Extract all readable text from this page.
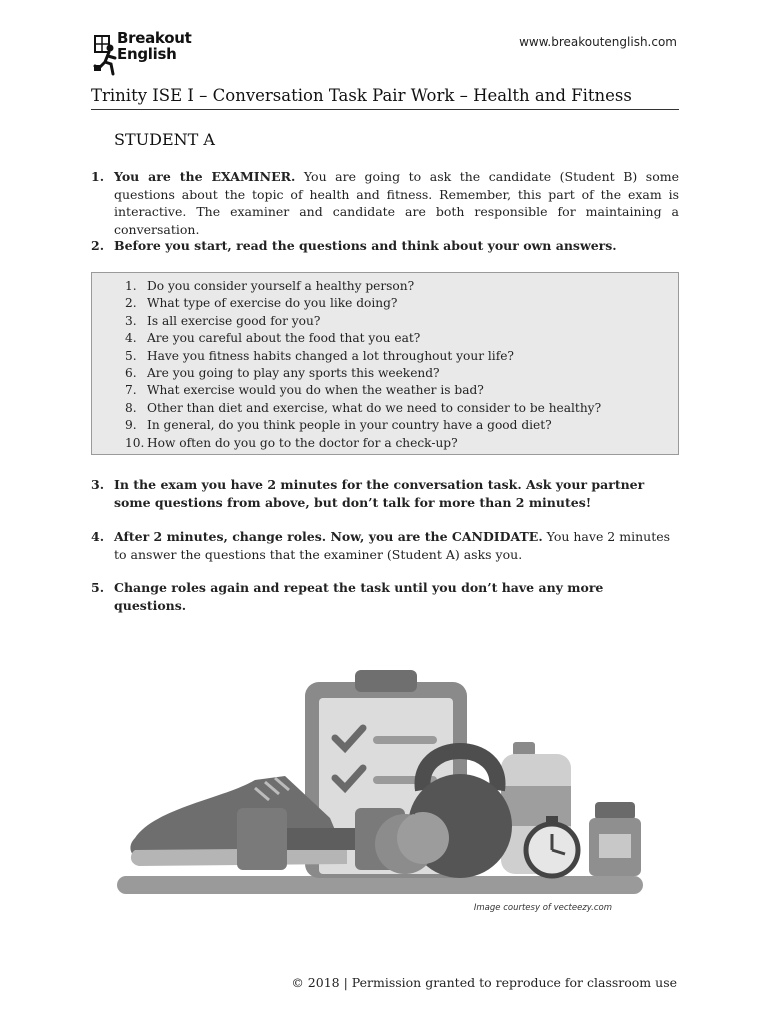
Breakout
English
www.breakoutenglish.com
Trinity ISE I – Conversation Task Pair Work – Health and Fitness
STUDENT A
1. You are the EXAMINER. You are going to ask the candidate (Student B) some questions about the topic of health and fitness. Remember, this part of the exam is interactive. The examiner and candidate are both responsible for maintaining a conversation.
2. Before you start, read the questions and think about your own answers.
1. Do you consider yourself a healthy person?
2. What type of exercise do you like doing?
3. Is all exercise good for you?
4. Are you careful about the food that you eat?
5. Have you fitness habits changed a lot throughout your life?
6. Are you going to play any sports this weekend?
7. What exercise would you do when the weather is bad?
8. Other than diet and exercise, what do we need to consider to be healthy?
9. In general, do you think people in your country have a good diet?
10. How often do you go to the doctor for a check-up?
3. In the exam you have 2 minutes for the conversation task. Ask your partner some questions from above, but don’t talk for more than 2 minutes!
4. After 2 minutes, change roles. Now, you are the CANDIDATE. You have 2 minutes to answer the questions that the examiner (Student A) asks you.
5. Change roles again and repeat the task until you don’t have any more questions.
Image courtesy of vecteezy.com
© 2018 | Permission granted to reproduce for classroom use
